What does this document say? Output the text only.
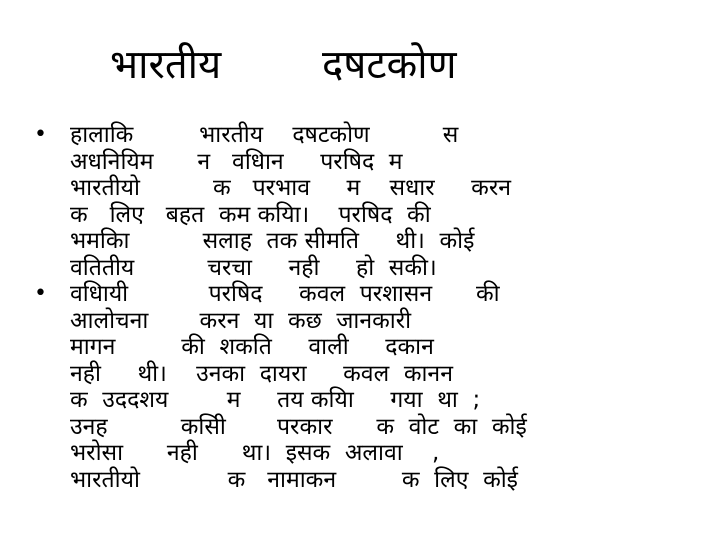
भारतीय	दषटकोण
• हालाकि         भारतीय    दषटकोण          स
अधनियिम      न   वधिान     परषिद  म
भारतीयो          क   परभाव     म    सधार     करन
क   लिए   बहत  कम कयिा।    परषिद  की
भमकिा          सलाह  तक सीमति     थी।  कोई
वतितीय          चरचा     नही     हो  सकी।
• वधिायी           परषिद     कवल  परशासन      की
आलोचना       करन  या  कछ  जानकारी
मागन         की  शकति     वाली     दकान
नही     थी।    उनका  दायरा     कवल  कानन
क  उददशय        म     तय कयिा     गया  था  ;
उनह          कसिी       परकार      क  वोट  का  कोई
भरोसा      नही      था।  इसक  अलावा    ,
भारतीयो            क   नामाकन         क  लिए  कोई
